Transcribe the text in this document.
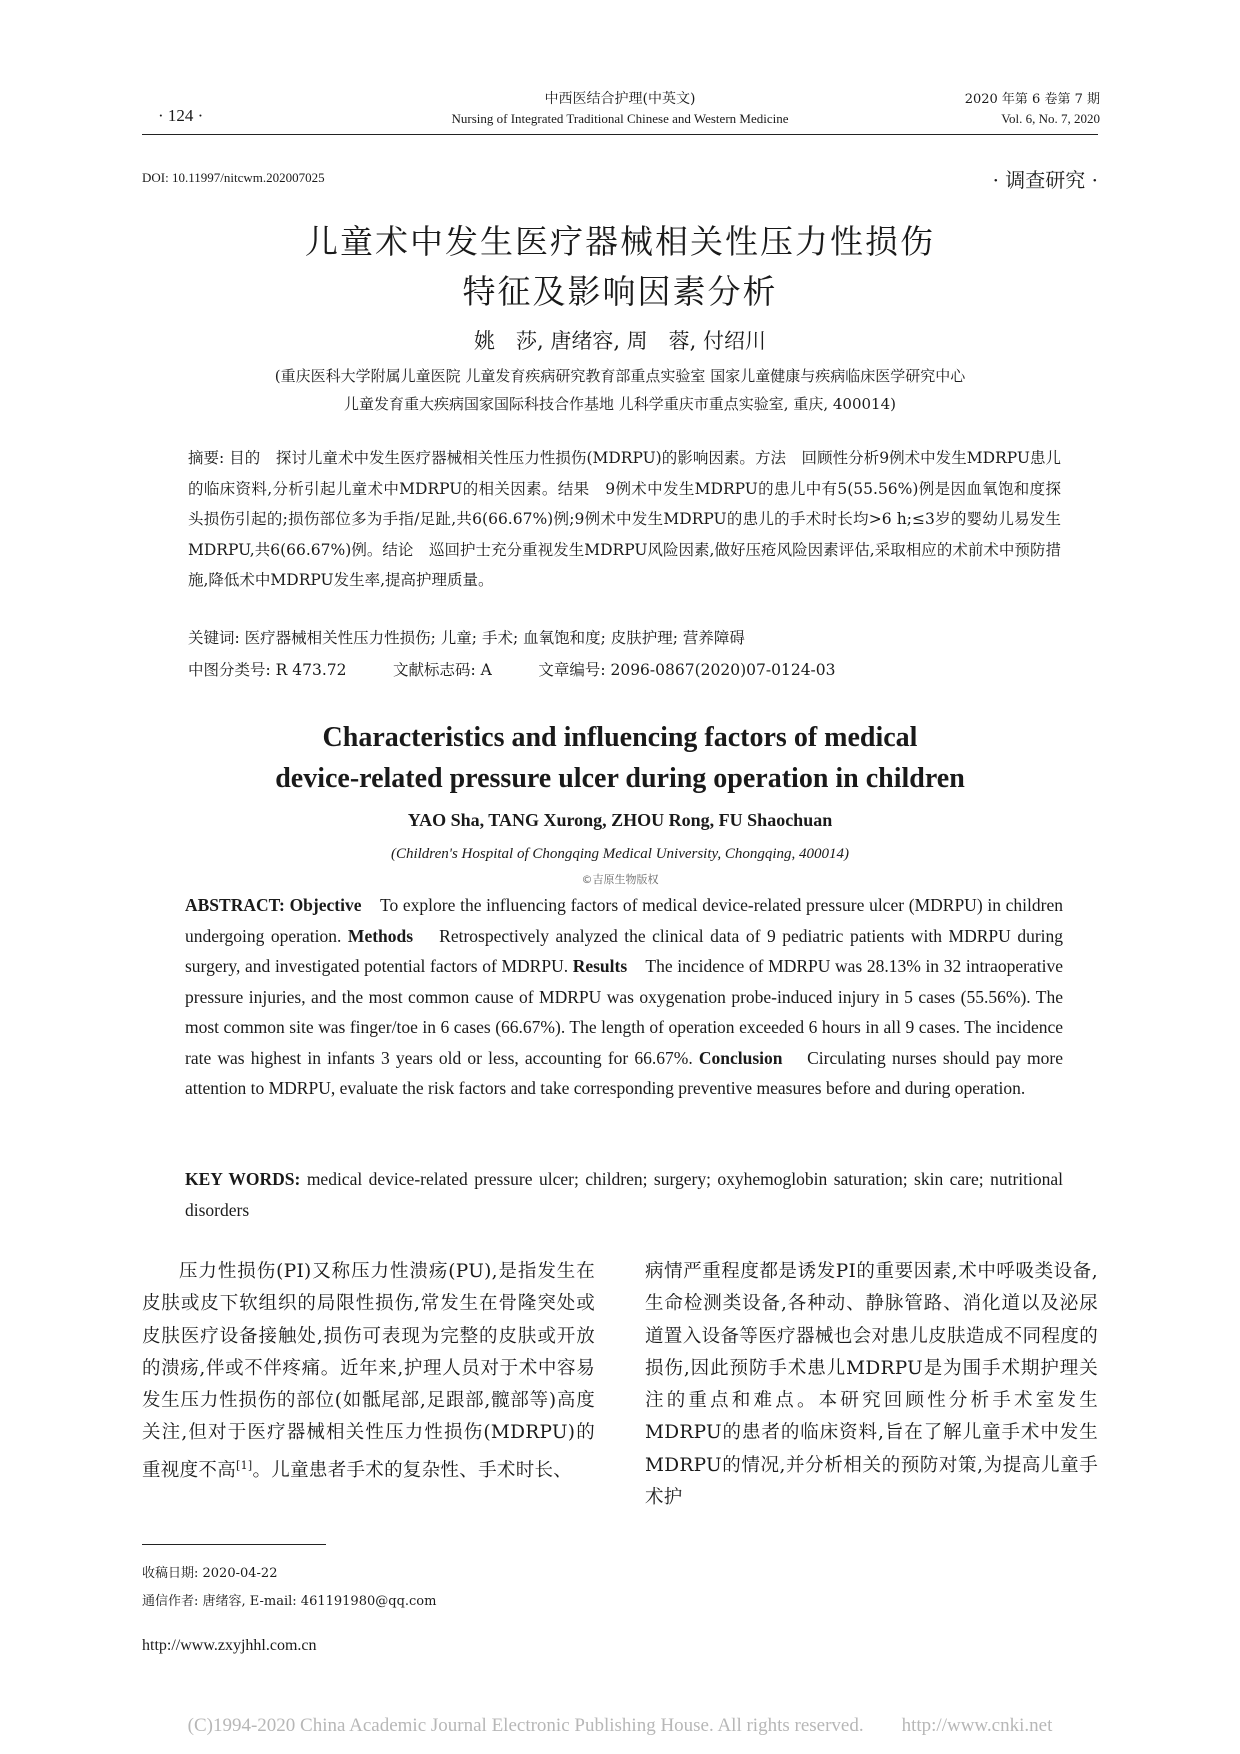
· 124 ·
中西医结合护理(中英文)
Nursing of Integrated Traditional Chinese and Western Medicine
2020 年第 6 卷第 7 期
Vol. 6, No. 7, 2020
DOI: 10.11997/nitcwm.202007025	· 调查研究 ·
儿童术中发生医疗器械相关性压力性损伤
特征及影响因素分析
姚　莎, 唐绪容, 周　蓉, 付绍川
(重庆医科大学附属儿童医院 儿童发育疾病研究教育部重点实验室 国家儿童健康与疾病临床医学研究中心
儿童发育重大疾病国家国际科技合作基地 儿科学重庆市重点实验室, 重庆, 400014)
摘要: 目的　探讨儿童术中发生医疗器械相关性压力性损伤(MDRPU)的影响因素。方法　回顾性分析9例术中发生MDRPU患儿的临床资料,分析引起儿童术中MDRPU的相关因素。结果　9例术中发生MDRPU的患儿中有5(55.56%)例是因血氧饱和度探头损伤引起的;损伤部位多为手指/足趾,共6(66.67%)例;9例术中发生MDRPU的患儿的手术时长均>6 h;≤3岁的婴幼儿易发生MDRPU,共6(66.67%)例。结论　巡回护士充分重视发生MDRPU风险因素,做好压疮风险因素评估,采取相应的术前术中预防措施,降低术中MDRPU发生率,提高护理质量。
关键词: 医疗器械相关性压力性损伤; 儿童; 手术; 血氧饱和度; 皮肤护理; 营养障碍
中图分类号: R 473.72　　　文献标志码: A　　　文章编号: 2096-0867(2020)07-0124-03
Characteristics and influencing factors of medical
device-related pressure ulcer during operation in children
YAO Sha, TANG Xurong, ZHOU Rong, FU Shaochuan
(Children's Hospital of Chongqing Medical University, Chongqing, 400014)
©吉原生物版权
ABSTRACT: Objective To explore the influencing factors of medical device-related pressure ulcer (MDRPU) in children undergoing operation. Methods Retrospectively analyzed the clinical data of 9 pediatric patients with MDRPU during surgery, and investigated potential factors of MDRPU. Results The incidence of MDRPU was 28.13% in 32 intraoperative pressure injuries, and the most common cause of MDRPU was oxygenation probe-induced injury in 5 cases (55.56%). The most common site was finger/toe in 6 cases (66.67%). The length of operation exceeded 6 hours in all 9 cases. The incidence rate was highest in infants 3 years old or less, accounting for 66.67%. Conclusion Circulating nurses should pay more attention to MDRPU, evaluate the risk factors and take corresponding preventive measures before and during operation.
KEY WORDS: medical device-related pressure ulcer; children; surgery; oxyhemoglobin saturation; skin care; nutritional disorders
压力性损伤(PI)又称压力性溃疡(PU),是指发生在皮肤或皮下软组织的局限性损伤,常发生在骨隆突处或皮肤医疗设备接触处,损伤可表现为完整的皮肤或开放的溃疡,伴或不伴疼痛。近年来,护理人员对于术中容易发生压力性损伤的部位(如骶尾部,足跟部,髋部等)高度关注,但对于医疗器械相关性压力性损伤(MDRPU)的重视度不高[1]。儿童患者手术的复杂性、手术时长、
病情严重程度都是诱发PI的重要因素,术中呼吸类设备,生命检测类设备,各种动、静脉管路、消化道以及泌尿道置入设备等医疗器械也会对患儿皮肤造成不同程度的损伤,因此预防手术患儿MDRPU是为围手术期护理关注的重点和难点。本研究回顾性分析手术室发生MDRPU的患者的临床资料,旨在了解儿童手术中发生MDRPU的情况,并分析相关的预防对策,为提高儿童手术护
收稿日期: 2020-04-22
通信作者: 唐绪容, E-mail: 461191980@qq.com
http://www.zxyjhhl.com.cn
(C)1994-2020 China Academic Journal Electronic Publishing House. All rights reserved.　　http://www.cnki.net
